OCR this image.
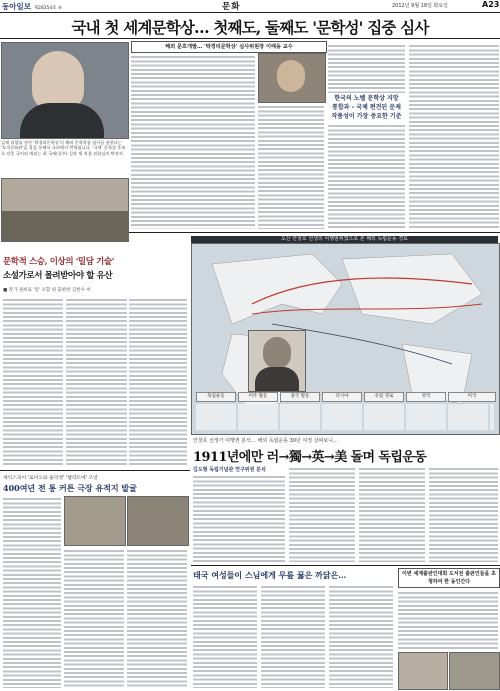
동아일보 제28354호 ⑥	문화	2012년 9월 18일 화요일	A23
국내 첫 세계문학상… 첫째도, 둘째도 '문학성' 집중 심사
김재 리광률 정진 '박경리문학상'의 해외 문학작품 심사를 권한다는 '토지문화관'을 광을 통해서 국외에서 번역됩니다. '국제' 문학상 후보로 각종 국어외 예외는 최 국제(성우) 걸작 세 직접 권위심의 박적자.
해외 문호개발… '박경리문학상' 심사위원장 이태동 교수
한국의 노벨 문학상 지망
통합과 - 국제 편견된 문제
작품성이 가장 중요한 기준
문학적 스승, 이상의 '밀담 기술'
소설가로서 몰려받아야 할 유산
■ 작가 권희로 '잎' 포함 위 출판한 김한수 씨
도산 안창호 선생의 여행범위였으로 본 해외 독립운동 경로
독립운동	미주 활동	중국 활동	러시아	유럽 경로	영국	미국
안창호 선생가 여행권 분석… 해외 독립운동 30년 여정 살펴보니…
1911년에만 러→獨→英→美 돌며 독립운동
김도형 독립기념관 연구위원 분석
세익스피어 '로미오와 줄리엣' '햄리트에' 조연
400여년 전 통 커튼 극장 유적지 발굴
태국 여성들이 스님에게 무릎 꿇은 까닭은…	이번 세계출판인대회 도서전 출판인들을 초청하여 한 동인간다
